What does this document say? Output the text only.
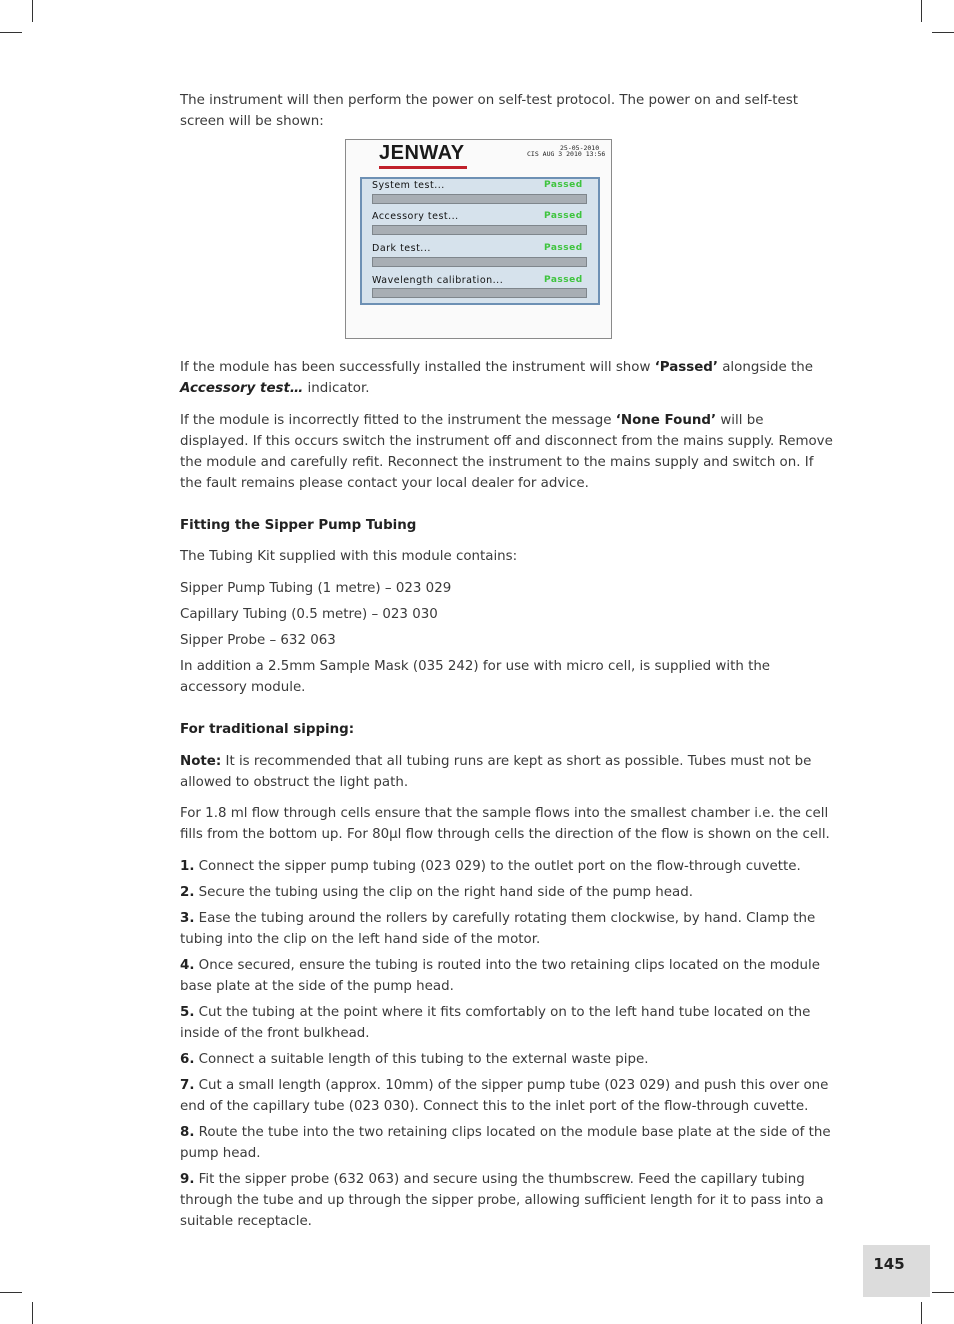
The instrument will then perform the power on self-test protocol. The power on and self-test screen will be shown:

JENWAY	25-05-2010
CIS AUG 3 2010 13:56
System test...	Passed
Accessory test...	Passed
Dark test...	Passed
Wavelength calibration...	Passed

If the module has been successfully installed the instrument will show ‘Passed’ alongside the
Accessory test… indicator.

If the module is incorrectly fitted to the instrument the message ‘None Found’ will be displayed. If this occurs switch the instrument off and disconnect from the mains supply. Remove the module and carefully refit. Reconnect the instrument to the mains supply and switch on. If the fault remains please contact your local dealer for advice.

Fitting the Sipper Pump Tubing

The Tubing Kit supplied with this module contains:

Sipper Pump Tubing (1 metre) – 023 029

Capillary Tubing (0.5 metre) – 023 030

Sipper Probe – 632 063

In addition a 2.5mm Sample Mask (035 242) for use with micro cell, is supplied with the accessory module.

For traditional sipping:

Note: It is recommended that all tubing runs are kept as short as possible. Tubes must not be allowed to obstruct the light path.

For 1.8 ml flow through cells ensure that the sample flows into the smallest chamber i.e. the cell fills from the bottom up. For 80µl flow through cells the direction of the flow is shown on the cell.

1. Connect the sipper pump tubing (023 029) to the outlet port on the flow-through cuvette.

2. Secure the tubing using the clip on the right hand side of the pump head.

3. Ease the tubing around the rollers by carefully rotating them clockwise, by hand. Clamp the tubing into the clip on the left hand side of the motor.

4. Once secured, ensure the tubing is routed into the two retaining clips located on the module base plate at the side of the pump head.

5. Cut the tubing at the point where it fits comfortably on to the left hand tube located on the inside of the front bulkhead.

6. Connect a suitable length of this tubing to the external waste pipe.

7. Cut a small length (approx. 10mm) of the sipper pump tube (023 029) and push this over one end of the capillary tube (023 030). Connect this to the inlet port of the flow-through cuvette.

8. Route the tube into the two retaining clips located on the module base plate at the side of the pump head.

9. Fit the sipper probe (632 063) and secure using the thumbscrew. Feed the capillary tubing through the tube and up through the sipper probe, allowing sufficient length for it to pass into a suitable receptacle.

145
